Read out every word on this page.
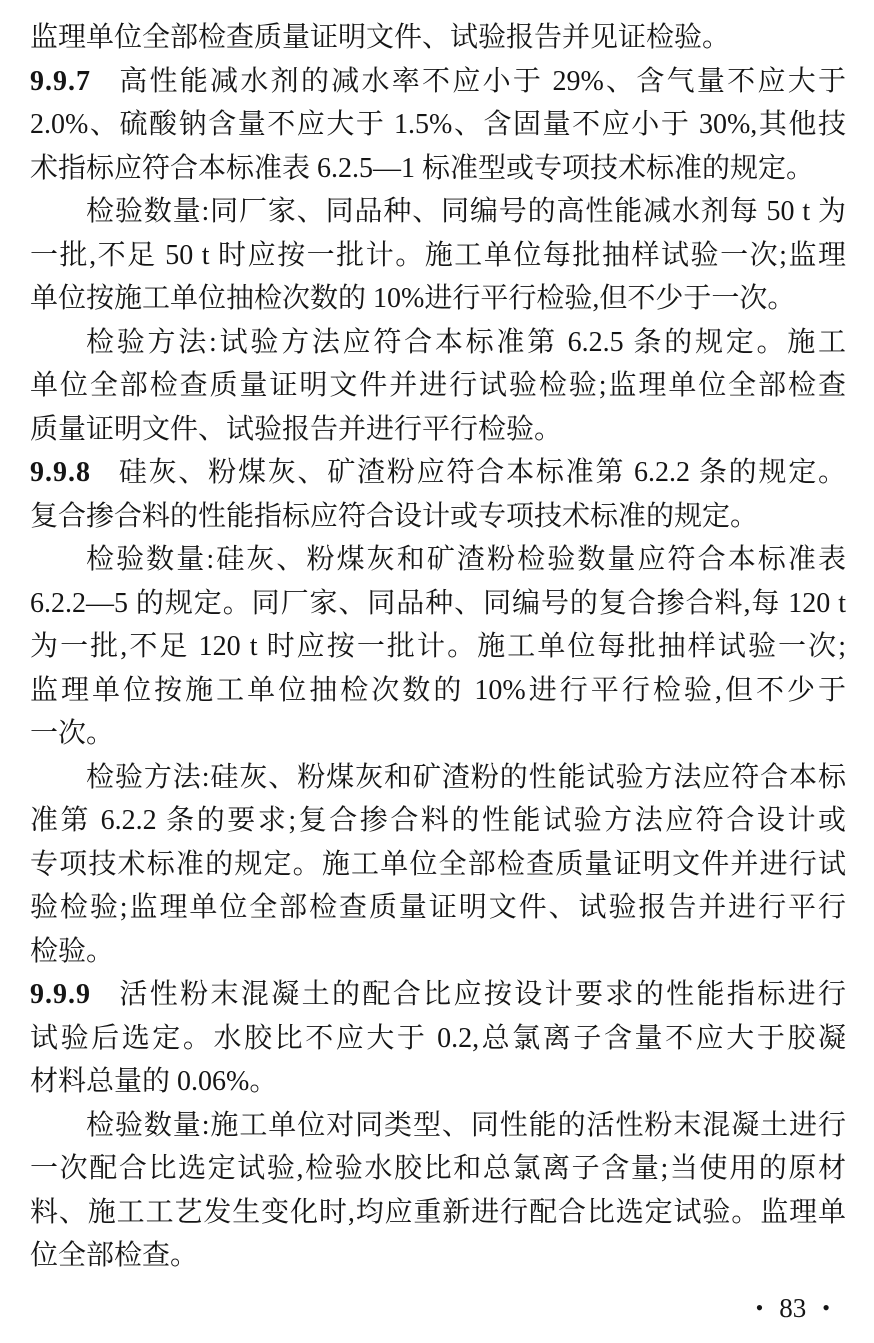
监理单位全部检查质量证明文件、试验报告并见证检验。
9.9.7 高性能减水剂的减水率不应小于 29%、含气量不应大于
2.0%、硫酸钠含量不应大于 1.5%、含固量不应小于 30%,其他技
术指标应符合本标准表 6.2.5—1 标准型或专项技术标准的规定。
检验数量:同厂家、同品种、同编号的高性能减水剂每 50 t 为
一批,不足 50 t 时应按一批计。施工单位每批抽样试验一次;监理
单位按施工单位抽检次数的 10%进行平行检验,但不少于一次。
检验方法:试验方法应符合本标准第 6.2.5 条的规定。施工
单位全部检查质量证明文件并进行试验检验;监理单位全部检查
质量证明文件、试验报告并进行平行检验。
9.9.8 硅灰、粉煤灰、矿渣粉应符合本标准第 6.2.2 条的规定。
复合掺合料的性能指标应符合设计或专项技术标准的规定。
检验数量:硅灰、粉煤灰和矿渣粉检验数量应符合本标准表
6.2.2—5 的规定。同厂家、同品种、同编号的复合掺合料,每 120 t
为一批,不足 120 t 时应按一批计。施工单位每批抽样试验一次;
监理单位按施工单位抽检次数的 10%进行平行检验,但不少于
一次。
检验方法:硅灰、粉煤灰和矿渣粉的性能试验方法应符合本标
准第 6.2.2 条的要求;复合掺合料的性能试验方法应符合设计或
专项技术标准的规定。施工单位全部检查质量证明文件并进行试
验检验;监理单位全部检查质量证明文件、试验报告并进行平行
检验。
9.9.9 活性粉末混凝土的配合比应按设计要求的性能指标进行
试验后选定。水胶比不应大于 0.2,总氯离子含量不应大于胶凝
材料总量的 0.06%。
检验数量:施工单位对同类型、同性能的活性粉末混凝土进行
一次配合比选定试验,检验水胶比和总氯离子含量;当使用的原材
料、施工工艺发生变化时,均应重新进行配合比选定试验。监理单
位全部检查。
• 83 •
